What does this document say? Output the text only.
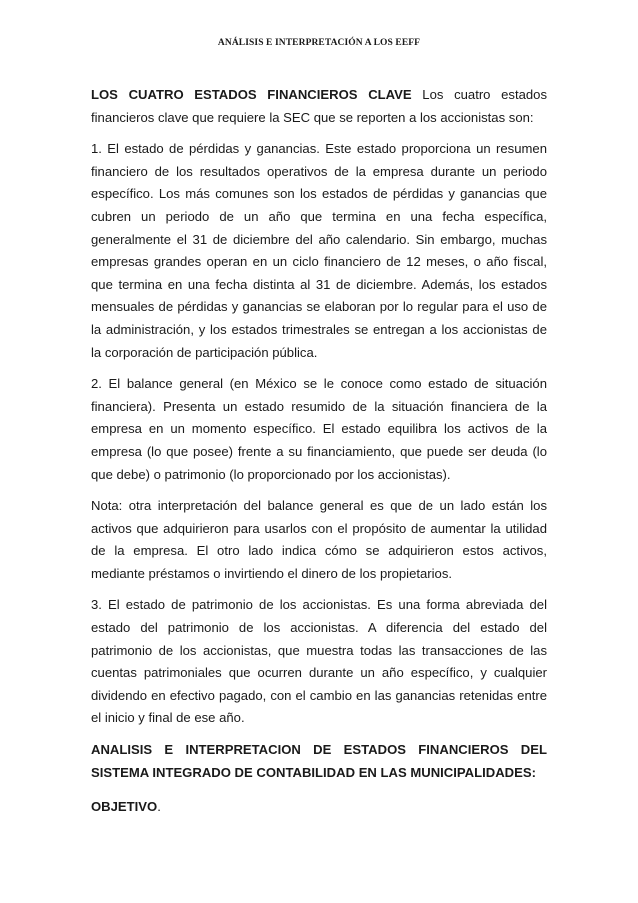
ANÁLISIS E INTERPRETACIÓN A LOS EEFF

LOS CUATRO ESTADOS FINANCIEROS CLAVE Los cuatro estados financieros clave que requiere la SEC que se reporten a los accionistas son:

1. El estado de pérdidas y ganancias. Este estado proporciona un resumen financiero de los resultados operativos de la empresa durante un periodo específico. Los más comunes son los estados de pérdidas y ganancias que cubren un periodo de un año que termina en una fecha específica, generalmente el 31 de diciembre del año calendario. Sin embargo, muchas empresas grandes operan en un ciclo financiero de 12 meses, o año fiscal, que termina en una fecha distinta al 31 de diciembre. Además, los estados mensuales de pérdidas y ganancias se elaboran por lo regular para el uso de la administración, y los estados trimestrales se entregan a los accionistas de la corporación de participación pública.

2. El balance general (en México se le conoce como estado de situación financiera). Presenta un estado resumido de la situación financiera de la empresa en un momento específico. El estado equilibra los activos de la empresa (lo que posee) frente a su financiamiento, que puede ser deuda (lo que debe) o patrimonio (lo proporcionado por los accionistas).

Nota: otra interpretación del balance general es que de un lado están los activos que adquirieron para usarlos con el propósito de aumentar la utilidad de la empresa. El otro lado indica cómo se adquirieron estos activos, mediante préstamos o invirtiendo el dinero de los propietarios.

3. El estado de patrimonio de los accionistas. Es una forma abreviada del estado del patrimonio de los accionistas. A diferencia del estado del patrimonio de los accionistas, que muestra todas las transacciones de las cuentas patrimoniales que ocurren durante un año específico, y cualquier dividendo en efectivo pagado, con el cambio en las ganancias retenidas entre el inicio y final de ese año.

ANALISIS E INTERPRETACION DE ESTADOS FINANCIEROS DEL SISTEMA INTEGRADO DE CONTABILIDAD EN LAS MUNICIPALIDADES:

OBJETIVO.
